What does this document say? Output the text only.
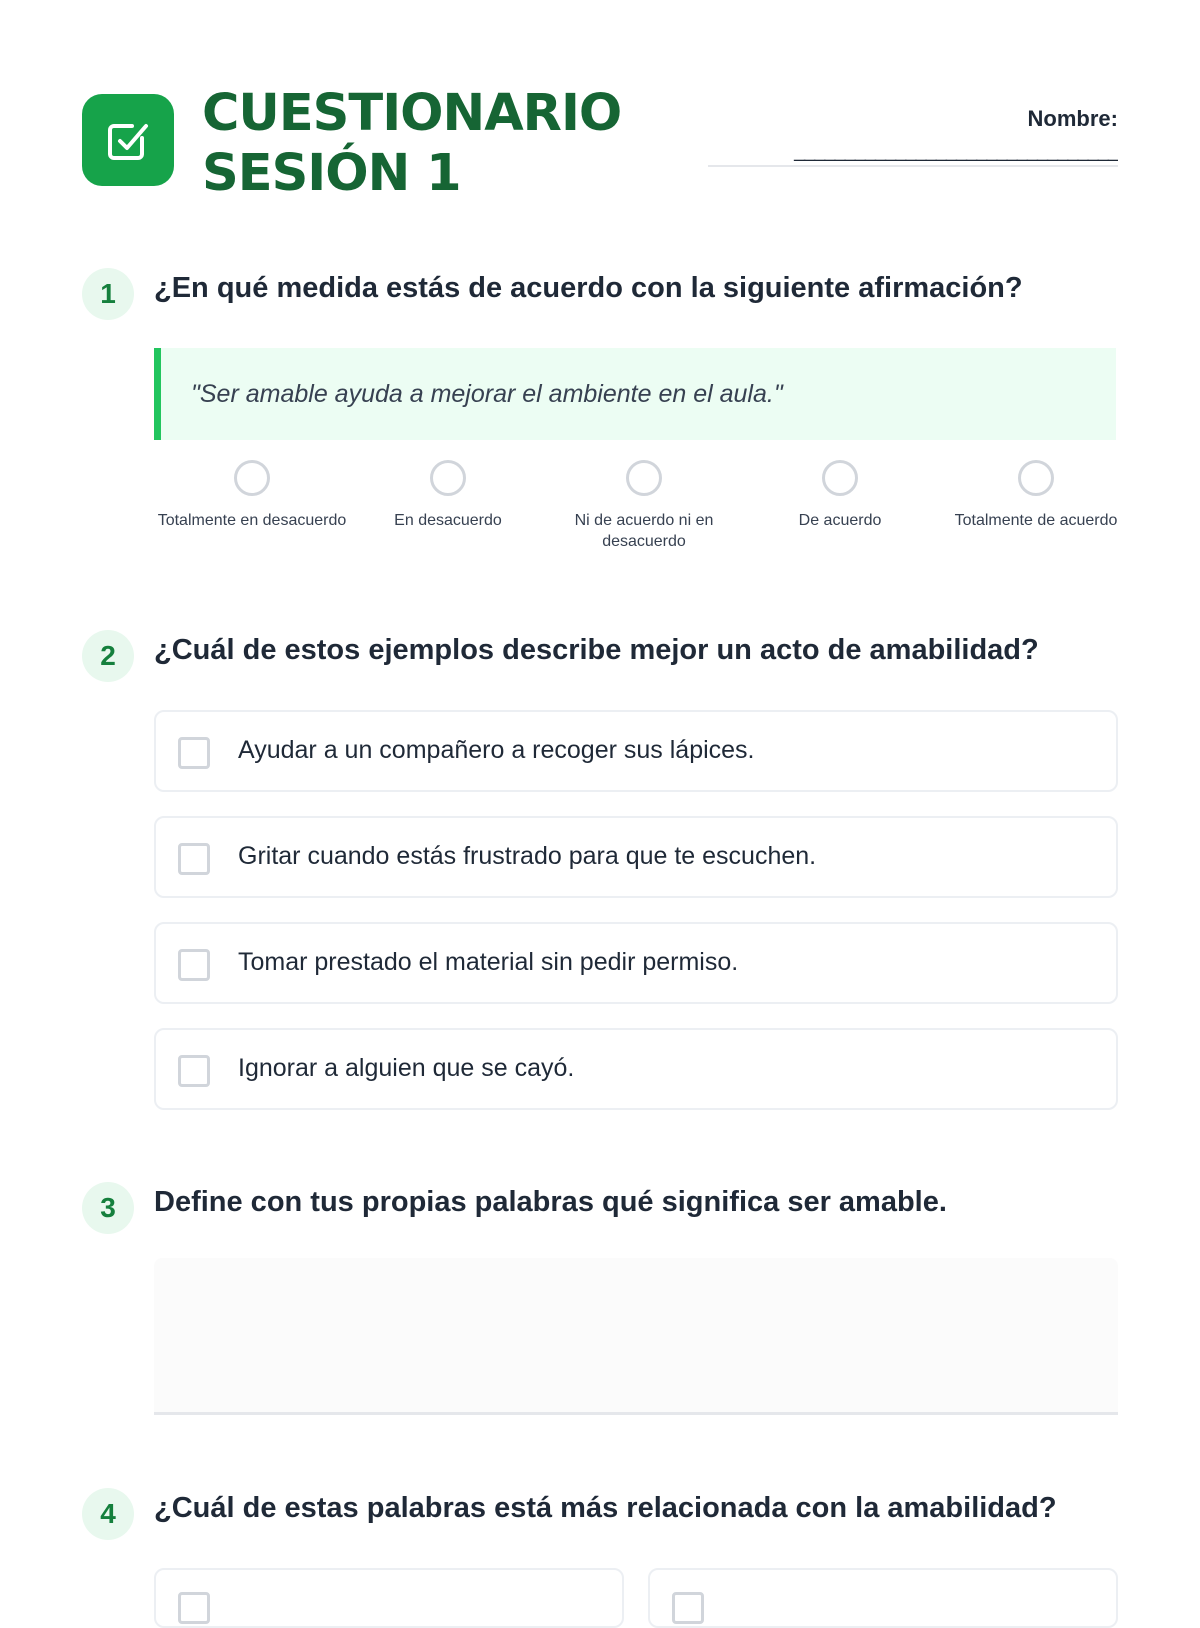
CUESTIONARIO
SESIÓN 1
Nombre:
________________________________
1	¿En qué medida estás de acuerdo con la siguiente afirmación?
"Ser amable ayuda a mejorar el ambiente en el aula."
Totalmente en desacuerdo	En desacuerdo	Ni de acuerdo ni en desacuerdo
De acuerdo	Totalmente de acuerdo
2	¿Cuál de estos ejemplos describe mejor un acto de amabilidad?
Ayudar a un compañero a recoger sus lápices.
Gritar cuando estás frustrado para que te escuchen.
Tomar prestado el material sin pedir permiso.
Ignorar a alguien que se cayó.
3	Define con tus propias palabras qué significa ser amable.
4	¿Cuál de estas palabras está más relacionada con la amabilidad?
